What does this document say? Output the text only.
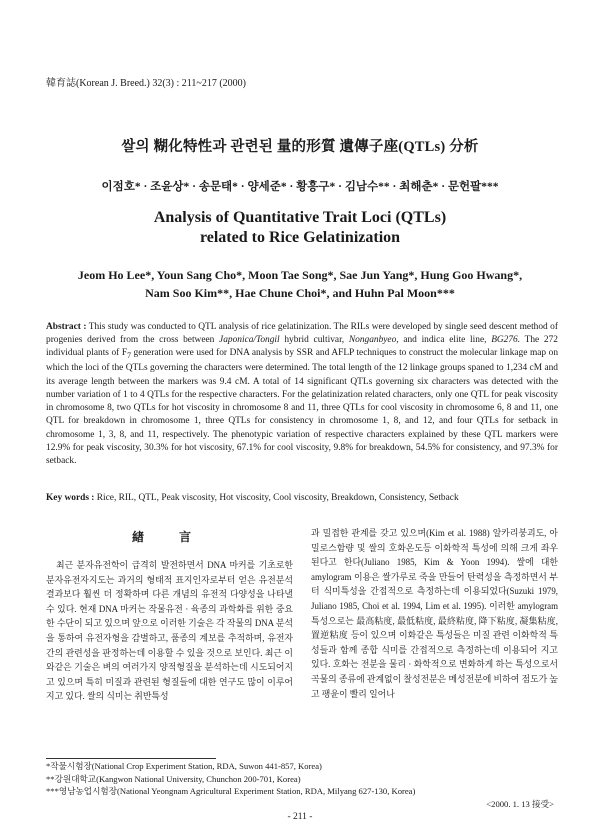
韓育誌(Korean J. Breed.) 32(3) : 211~217 (2000)
쌀의 糊化特性과 관련된 量的形質 遺傳子座(QTLs) 分析
이점호* · 조윤상* · 송문태* · 양세준* · 황흥구* · 김남수** · 최해춘* · 문헌팔***
Analysis of Quantitative Trait Loci (QTLs)
related to Rice Gelatinization
Jeom Ho Lee*, Youn Sang Cho*, Moon Tae Song*, Sae Jun Yang*, Hung Goo Hwang*,
Nam Soo Kim**, Hae Chune Choi*, and Huhn Pal Moon***

Abstract : This study was conducted to QTL analysis of rice gelatinization. The RILs were developed by single seed descent method of progenies derived from the cross between Japonica/Tongil hybrid cultivar, Nonganbyeo, and indica elite line, BG276. The 272 individual plants of $F_7$ generation were used for DNA analysis by SSR and AFLP techniques to construct the molecular linkage map on which the loci of the QTLs governing the characters were determined. The total length of the 12 linkage groups spaned to 1,234 cM and its average length between the markers was 9.4 cM. A total of 14 significant QTLs governing six characters was detected with the number variation of 1 to 4 QTLs for the respective characters. For the gelatinization related characters, only one QTL for peak viscosity in chromosome 8, two QTLs for hot viscosity in chromosome 8 and 11, three QTLs for cool viscosity in chromosome 6, 8 and 11, one QTL for breakdown in chromosome 1, three QTLs for consistency in chromosome 1, 8, and 12, and four QTLs for setback in chromosome 1, 3, 8, and 11, respectively. The phenotypic variation of respective characters explained by these QTL markers were 12.9% for peak viscosity, 30.3% for hot viscosity, 67.1% for cool viscosity, 9.8% for breakdown, 54.5% for consistency, and 97.3% for setback.

Key words : Rice, RIL, QTL, Peak viscosity, Hot viscosity, Cool viscosity, Breakdown, Consistency, Setback

緖 言

최근 분자유전학이 급격히 발전하면서 DNA 마커를 기초로한 분자유전자지도는 과거의 형태적 표지인자로부터 얻은 유전분석 결과보다 훨씬 더 정확하며 다른 개념의 유전적 다양성을 나타낼 수 있다. 현재 DNA 마커는 작물유전 · 육종의 과학화를 위한 중요한 수단이 되고 있으며 앞으로 이러한 기술은 각 작물의 DNA 분석을 통하여 유전자형을 감별하고, 품종의 계보를 추적하며, 유전자간의 관련성을 판정하는데 이용할 수 있을 것으로 보인다. 최근 이와같은 기술은 벼의 여러가지 양적형질을 분석하는데 시도되어지고 있으며 특히 미질과 관련된 형질들에 대한 연구도 많이 이루어 지고 있다. 쌀의 식미는 취반특성

과 밀접한 관계를 갖고 있으며(Kim et al. 1988) 알카리붕괴도, 아밀로스함량 및 쌀의 호화온도등 이화학적 특성에 의해 크게 좌우된다고 한다(Juliano 1985, Kim & Yoon 1994). 쌀에 대한 amylogram 이용은 쌀가루로 죽을 만들어 탄력성을 측정하면서 부터 식미특성을 간접적으로 측정하는데 이용되었다(Suzuki 1979, Juliano 1985, Choi et al. 1994, Lim et al. 1995). 이러한 amylogram 특성으로는 最高粘度, 最低粘度, 最終粘度, 降下粘度, 凝集粘度, 置逆粘度 등이 있으며 이화같은 특성들은 미질 관련 이화학적 특성들과 함께 종합 식미를 간접적으로 측정하는데 이용되어 지고 있다. 호화는 전분을 물리 · 화학적으로 변화하게 하는 특성으로서 곡물의 종류에 관계없이 찰성전분은 메성전분에 비하여 점도가 높고 팽윤이 빨리 일어나

*작물시험장(National Crop Experiment Station, RDA, Suwon 441-857, Korea)
**강원대학교(Kangwon National University, Chunchon 200-701, Korea)
***영남농업시험장(National Yeongnam Agricultural Experiment Station, RDA, Milyang 627-130, Korea)
<2000. 1. 13 接受>
- 211 -
